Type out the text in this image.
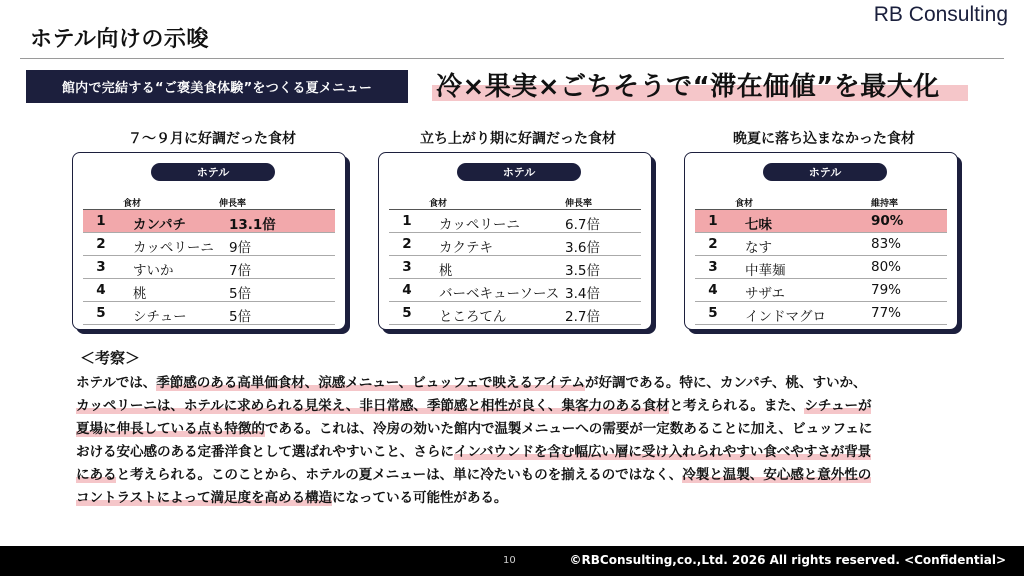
ホテル向けの示唆
RB Consulting
館内で完結する“ご褒美食体験”をつくる夏メニュー	冷×果実×ごちそうで“滞在価値”を最大化
７～９月に好調だった食材
ホテル
食材	伸長率
1 カンパチ	13.1倍
2 カッペリーニ 9倍
3 すいか	7倍
4 桃	5倍
5 シチュー	5倍
立ち上がり期に好調だった食材
ホテル
食材	伸長率
1 カッペリーニ	6.7倍
2 カクテキ	3.6倍
3 桃	3.5倍
4 バーベキューソース 3.4倍
5 ところてん	2.7倍
晩夏に落ち込まなかった食材
ホテル
食材	維持率
1 七味	90%
2 なす	83%
3 中華麺	80%
4 サザエ	79%
5 インドマグロ	77%
＜考察＞
ホテルでは、季節感のある高単価食材、涼感メニュー、ビュッフェで映えるアイテムが好調である。特に、カンパチ、桃、すいか、
カッペリーニは、ホテルに求められる見栄え、非日常感、季節感と相性が良く、集客力のある食材と考えられる。また、シチューが
夏場に伸長している点も特徴的である。これは、冷房の効いた館内で温製メニューへの需要が一定数あることに加え、ビュッフェに
おける安心感のある定番洋食として選ばれやすいこと、さらにインバウンドを含む幅広い層に受け入れられやすい食べやすさが背景
にあると考えられる。このことから、ホテルの夏メニューは、単に冷たいものを揃えるのではなく、冷製と温製、安心感と意外性の
コントラストによって満足度を高める構造になっている可能性がある。
10	©RBConsulting,co.,Ltd. 2026 All rights reserved. <Confidential>
